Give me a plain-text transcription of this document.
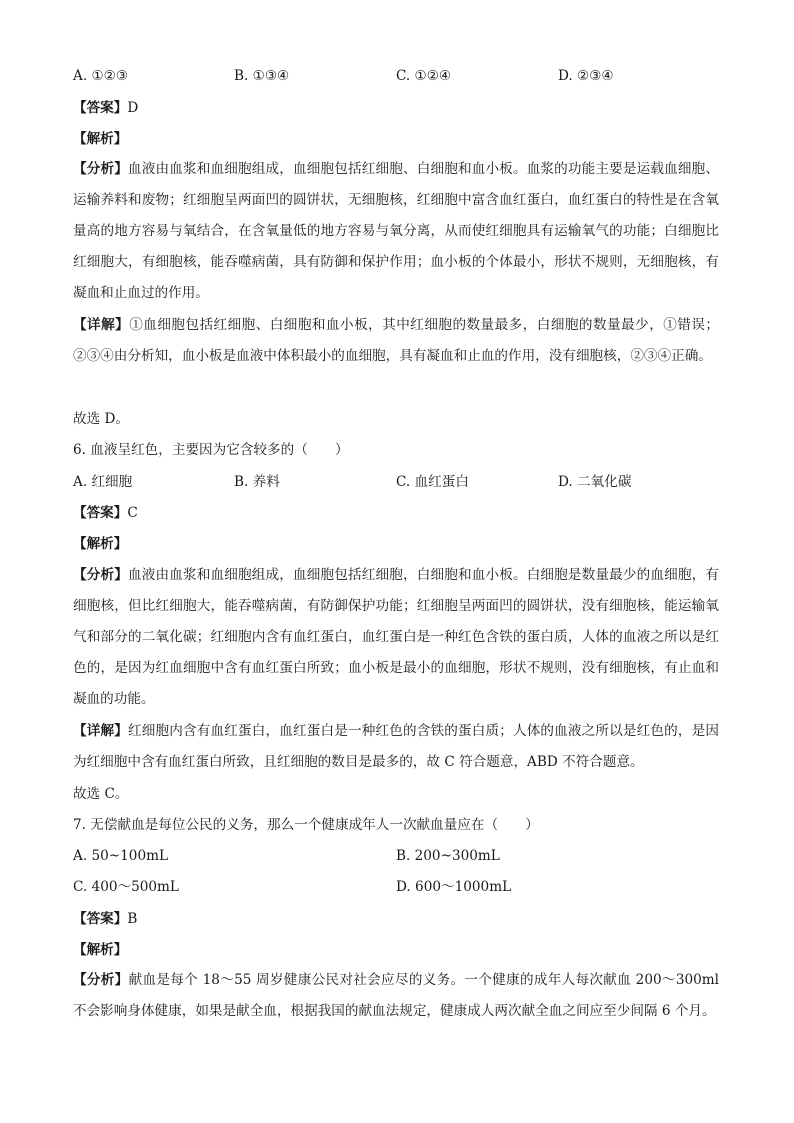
A. ①②③	B. ①③④	C. ①②④	D. ②③④
【答案】D
【解析】
【分析】血液由血浆和血细胞组成，血细胞包括红细胞、白细胞和血小板。血浆的功能主要是运载血细胞、运输养料和废物；红细胞呈两面凹的圆饼状，无细胞核，红细胞中富含血红蛋白，血红蛋白的特性是在含氧量高的地方容易与氧结合，在含氧量低的地方容易与氧分离，从而使红细胞具有运输氧气的功能；白细胞比红细胞大，有细胞核，能吞噬病菌，具有防御和保护作用；血小板的个体最小，形状不规则，无细胞核，有凝血和止血过的作用。
【详解】①血细胞包括红细胞、白细胞和血小板，其中红细胞的数量最多，白细胞的数量最少，①错误；②③④由分析知，血小板是血液中体积最小的血细胞，具有凝血和止血的作用，没有细胞核，②③④正确。
故选 D。
6. 血液呈红色，主要因为它含较多的（　　）
A. 红细胞	B. 养料	C. 血红蛋白	D. 二氧化碳
【答案】C
【解析】
【分析】血液由血浆和血细胞组成，血细胞包括红细胞，白细胞和血小板。白细胞是数量最少的血细胞，有细胞核，但比红细胞大，能吞噬病菌，有防御保护功能；红细胞呈两面凹的圆饼状，没有细胞核，能运输氧气和部分的二氧化碳；红细胞内含有血红蛋白，血红蛋白是一种红色含铁的蛋白质，人体的血液之所以是红色的，是因为红血细胞中含有血红蛋白所致；血小板是最小的血细胞，形状不规则，没有细胞核，有止血和凝血的功能。
【详解】红细胞内含有血红蛋白，血红蛋白是一种红色的含铁的蛋白质；人体的血液之所以是红色的，是因为红细胞中含有血红蛋白所致，且红细胞的数目是最多的，故 C 符合题意，ABD 不符合题意。
故选 C。
7. 无偿献血是每位公民的义务，那么一个健康成年人一次献血量应在（　　）
A. 50~100mL	B. 200~300mL
C. 400～500mL	D. 600～1000mL
【答案】B
【解析】
【分析】献血是每个 18～55 周岁健康公民对社会应尽的义务。一个健康的成年人每次献血 200～300ml 不会影响身体健康，如果是献全血，根据我国的献血法规定，健康成人两次献全血之间应至少间隔 6 个月。
